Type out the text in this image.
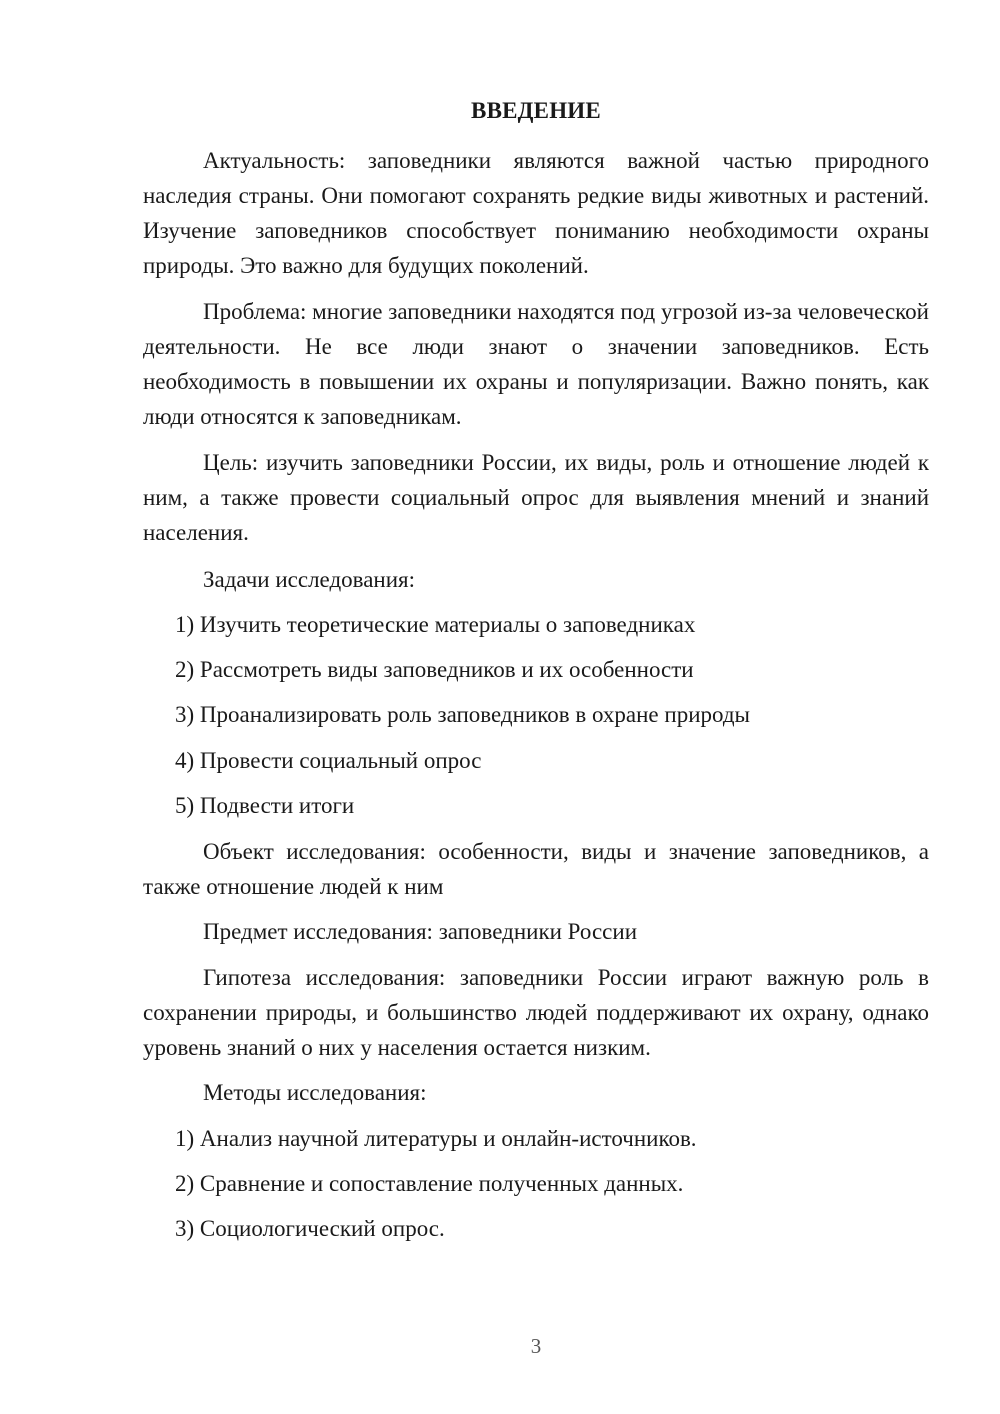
ВВЕДЕНИЕ

Актуальность: заповедники являются важной частью природного наследия страны. Они помогают сохранять редкие виды животных и растений. Изучение заповедников способствует пониманию необходимости охраны природы. Это важно для будущих поколений.

Проблема: многие заповедники находятся под угрозой из-за человеческой деятельности. Не все люди знают о значении заповедников. Есть необходимость в повышении их охраны и популяризации. Важно понять, как люди относятся к заповедникам.

Цель: изучить заповедники России, их виды, роль и отношение людей к ним, а также провести социальный опрос для выявления мнений и знаний населения.

Задачи исследования:

1) Изучить теоретические материалы о заповедниках

2) Рассмотреть виды заповедников и их особенности

3) Проанализировать роль заповедников в охране природы

4) Провести социальный опрос

5) Подвести итоги

Объект исследования: особенности, виды и значение заповедников, а также отношение людей к ним

Предмет исследования: заповедники России

Гипотеза исследования: заповедники России играют важную роль в сохранении природы, и большинство людей поддерживают их охрану, однако уровень знаний о них у населения остается низким.

Методы исследования:

1) Анализ научной литературы и онлайн-источников.

2) Сравнение и сопоставление полученных данных.

3) Социологический опрос.

3
